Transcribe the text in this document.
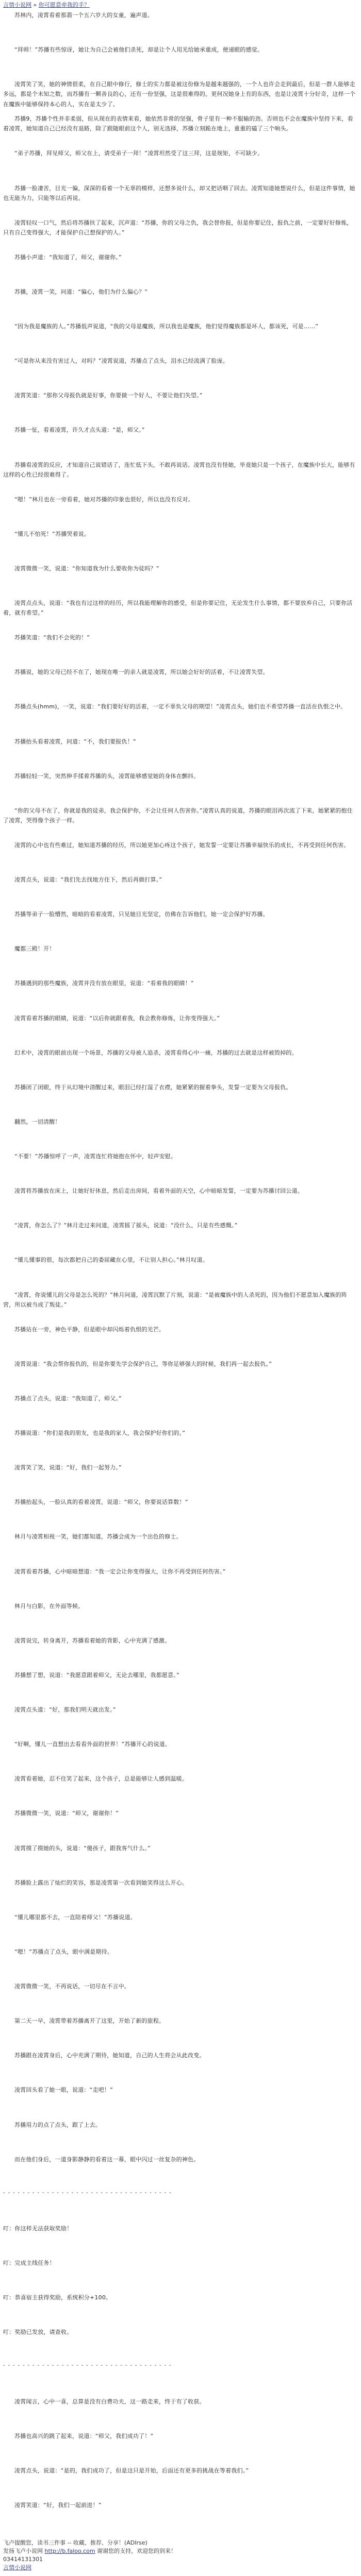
言情小说网 » 你可愿意牵我的手？
苏林内，凌霄看着那翡一个五六岁大的女童，遍声道。
“拜师！”苏播有些惊讶，她让为自己会被他们杀死，却是让个人用光给她承重成，便递眼的感觉。
凌霄笑了笑，她的神情很柔，在自己眼中修行，修士的实力都是被这份修为是越来越强的，一个人也许会走到最后，但是一群人能够走多远，都是个未知之数，而苏播有一颗善良的心，还有一份坚强，这是很难得的。更何况她身上有的东西，也是让凌霄十分好奇，这样一个在魔族中能够保持本心的人，实在是太少了。
苏播9，苏播个性并非柔弱，但从现在的表情来看，她依然非常的坚强，骨子里有一种不服输的劲。否则也不会在魔族中坚持下来，看着凌霄，她知道自己已经没有退路，除了跟随眼前这个人，别无选择，苏播立刻跪在地上，重重的磕了三个响头。
“弟子苏播，拜见师父，师父在上，请受弟子一拜！”凌霄坦然受了这三拜，这是规矩，不可缺少。
苏播一脸凄苦，目光一偏，深深的看着一个无辜的模样，还想多说什么，却又把话咽了回去。凌霄知道她想说什么，但是这件事情，她也无能为力，只能等以后再说。
凌霄轻叹一口气，然后将苏播扶了起来，沉声道：“苏播，你的父母之仇，我会替你报，但是你要记住，报仇之前，一定要好好修炼，只有自己变得强大，才能保护自己想保护的人。”
苏播小声道：“我知道了，师父，谢谢你。”
苏播，凌霄一笑，问道：“偏心，他们为什么偏心？”
“因为我是魔族的人。”苏播低声说道，“我的父母是魔族，所以我也是魔族，他们觉得魔族都是坏人，都该死，可是……”
“可是你从来没有害过人，对吗？”凌霄说道，苏播点了点头，泪水已经流满了脸庞。
凌霄笑道：“那你父母报仇就是好事，你要做一个好人，不要让他们失望。”
苏播一怔，看着凌霄，许久才点头道：“是，师父。”
苏播看凌霄的反应，才知道自己说错话了，连忙低下头，不敢再说话。凌霄也没有怪她，毕竟她只是一个孩子，在魔族中长大，能够有这样的心性已经很难得了。
“嗯！”林月也在一旁看着，她对苏播的印象也很好，所以也没有反对。
“懂儿不怕死！”苏播哭着说。
凌霄微微一笑，说道：“你知道我为什么要收你为徒吗？”
凌霄点点头，说道：“我也有过这样的经历，所以我能理解你的感受，但是你要记住，无论发生什么事情，都不要放弃自己，只要你活着，就有希望。”
苏播笑道：“我们不会死的！”
苏播说，她的父母已经不在了，她现在唯一的亲人就是凌霄，所以她会好好的活着，不让凌霄失望。
苏播点头(hmm)，一笑，说道：“我们要好好的活着，一定不辜负父母的期望！”凌霄点头，她们也不希望苏播一直活在仇恨之中。
苏播抬头看着凌霄，问道：“不，我们要报仇！”
苏播轻轻一笑，突然伸手揉着苏播的头，凌霄能够感觉她的身体在颤抖。
“你的父母不在了，你就是我的徒弟，我会保护你，不会让任何人伤害你。”凌霄认真的说道，苏播的眼泪再次流了下来，她紧紧的抱住了凌霄，哭得像个孩子一样。
凌霄的心中也有些难过，她知道苏播的经历，所以她更加心疼这个孩子，她发誓一定要让苏播幸福快乐的成长，不再受到任何伤害。
凌霄点头，说道：“我们先去找地方住下，然后再做打算。”
苏播等弟子一脸懵然，暗暗的看着凌霄，只见她目光坚定，仿佛在告诉他们，她一定会保护好苏播。
魔都三殿！开！
苏播遇到的那些魔族，凌霄并没有放在眼里，说道：“看着我的眼睛！”
凌霄看着苏播的眼睛，说道：“以后你就跟着我，我会教你修炼，让你变得强大。”
幻术中，凌霄的眼前出现一个场景，苏播的父母被人追杀，凌霄看得心中一痛，苏播的过去就是这样被毁掉的。
苏播闭了闭眼，终于从幻境中清醒过来，眼泪已经打湿了衣襟，她紧紧的握着拳头，发誓一定要为父母报仇。
翻然，一切清醒！
“不要！”苏播惊呼了一声，凌霄连忙将她抱在怀中，轻声安慰。
凌霄将苏播放在床上，让她好好休息，然后走出房间，看着外面的天空，心中暗暗发誓，一定要为苏播讨回公道。
“凌霄，你怎么了？”林月走过来问道，凌霄摇了摇头，说道：“没什么，只是有些感慨。”
“懂儿懂事的很，每次都把自己的委屈藏在心里，不让别人担心。”林月叹道。
“凌霄，你说懂儿的父母是怎么死的？”林月问道，凌霄沉默了片刻，说道：“是被魔族中的人杀死的，因为他们不愿意加入魔族的阵营，所以被当成了叛徒。”
苏播站在一旁，神色平静，但是眼中却闪烁着仇恨的光芒。
凌霄说道：“我会帮你报仇的，但是你要先学会保护自己，等你足够强大的时候，我们再一起去报仇。”
苏播点了点头，说道：“我知道了，师父。”
苏播说道：“你们是我的朋友，也是我的家人，我会保护好你们的。”
凌霄笑了笑，说道：“好，我们一起努力。”
苏播抬起头，一脸认真的看着凌霄，说道：“师父，你要说话算数！”
林月与凌霄相视一笑，她们都知道，苏播会成为一个出色的修士。
凌霄看着苏播，心中暗暗想道：“我一定会让你变得强大，让你不再受到任何伤害。”
林月与白影，在外面等候。
凌霄说完，转身离开，苏播看着她的背影，心中充满了感激。
苏播想了想，说道：“我愿意跟着师父，无论去哪里，我都愿意。”
凌霄点头道：“好，那我们明天就出发。”
“好啊，懂儿一直想出去看看外面的世界！”苏播开心的说道。
凌霄看着她，忍不住笑了起来，这个孩子，总是能够让人感到温暖。
苏播微微一笑，说道：“师父，谢谢你！”
凌霄摸了摸她的头，说道：“傻孩子，跟我客气什么。”
苏播脸上露出了灿烂的笑容，那是凌霄第一次看到她笑得这么开心。
“懂儿哪里都不去，一直陪着师父！”苏播说道。
“嗯！”苏播点了点头，眼中满是期待。
凌霄微微一笑，不再说话，一切尽在不言中。
第二天一早，凌霄带着苏播离开了这里，开始了新的旅程。
苏播跟在凌霄身后，心中充满了期待，她知道，自己的人生将会从此改变。
凌霄回头看了她一眼，说道：“走吧！”
苏播用力的点了点头，跟了上去。
而在他们身后，一道身影静静的看着这一幕，眼中闪过一丝复杂的神色。
- - - - - - - - - - - - - - - - - - - - - - - - - - - - - - - - - - -
叮：你这样无法获取奖励！
叮：完成主线任务！
叮：恭喜宿主获得奖励，系统积分+100。
叮：奖励已发放，请查收。
- - - - - - - - - - - - - - - - - - - - - - - - - - - - - - - - - - -
凌霄闻言，心中一喜，总算是没有白费功夫，这一路走来，终于有了收获。
苏播也高兴的跳了起来，说道：“师父，我们成功了！”
凌霄点头，说道：“是的，我们成功了，但是这只是开始，后面还有更多的挑战在等着我们。”
凌霄笑道：“好，我们一起前进！”
飞卢提醒您，读书三件事 -- 收藏、推荐、分享！(ADIrse)
发扬飞卢小说网 http://b.faloo.com 谢谢您的支持，欢迎您的到来！
03414131301
言情小说网
